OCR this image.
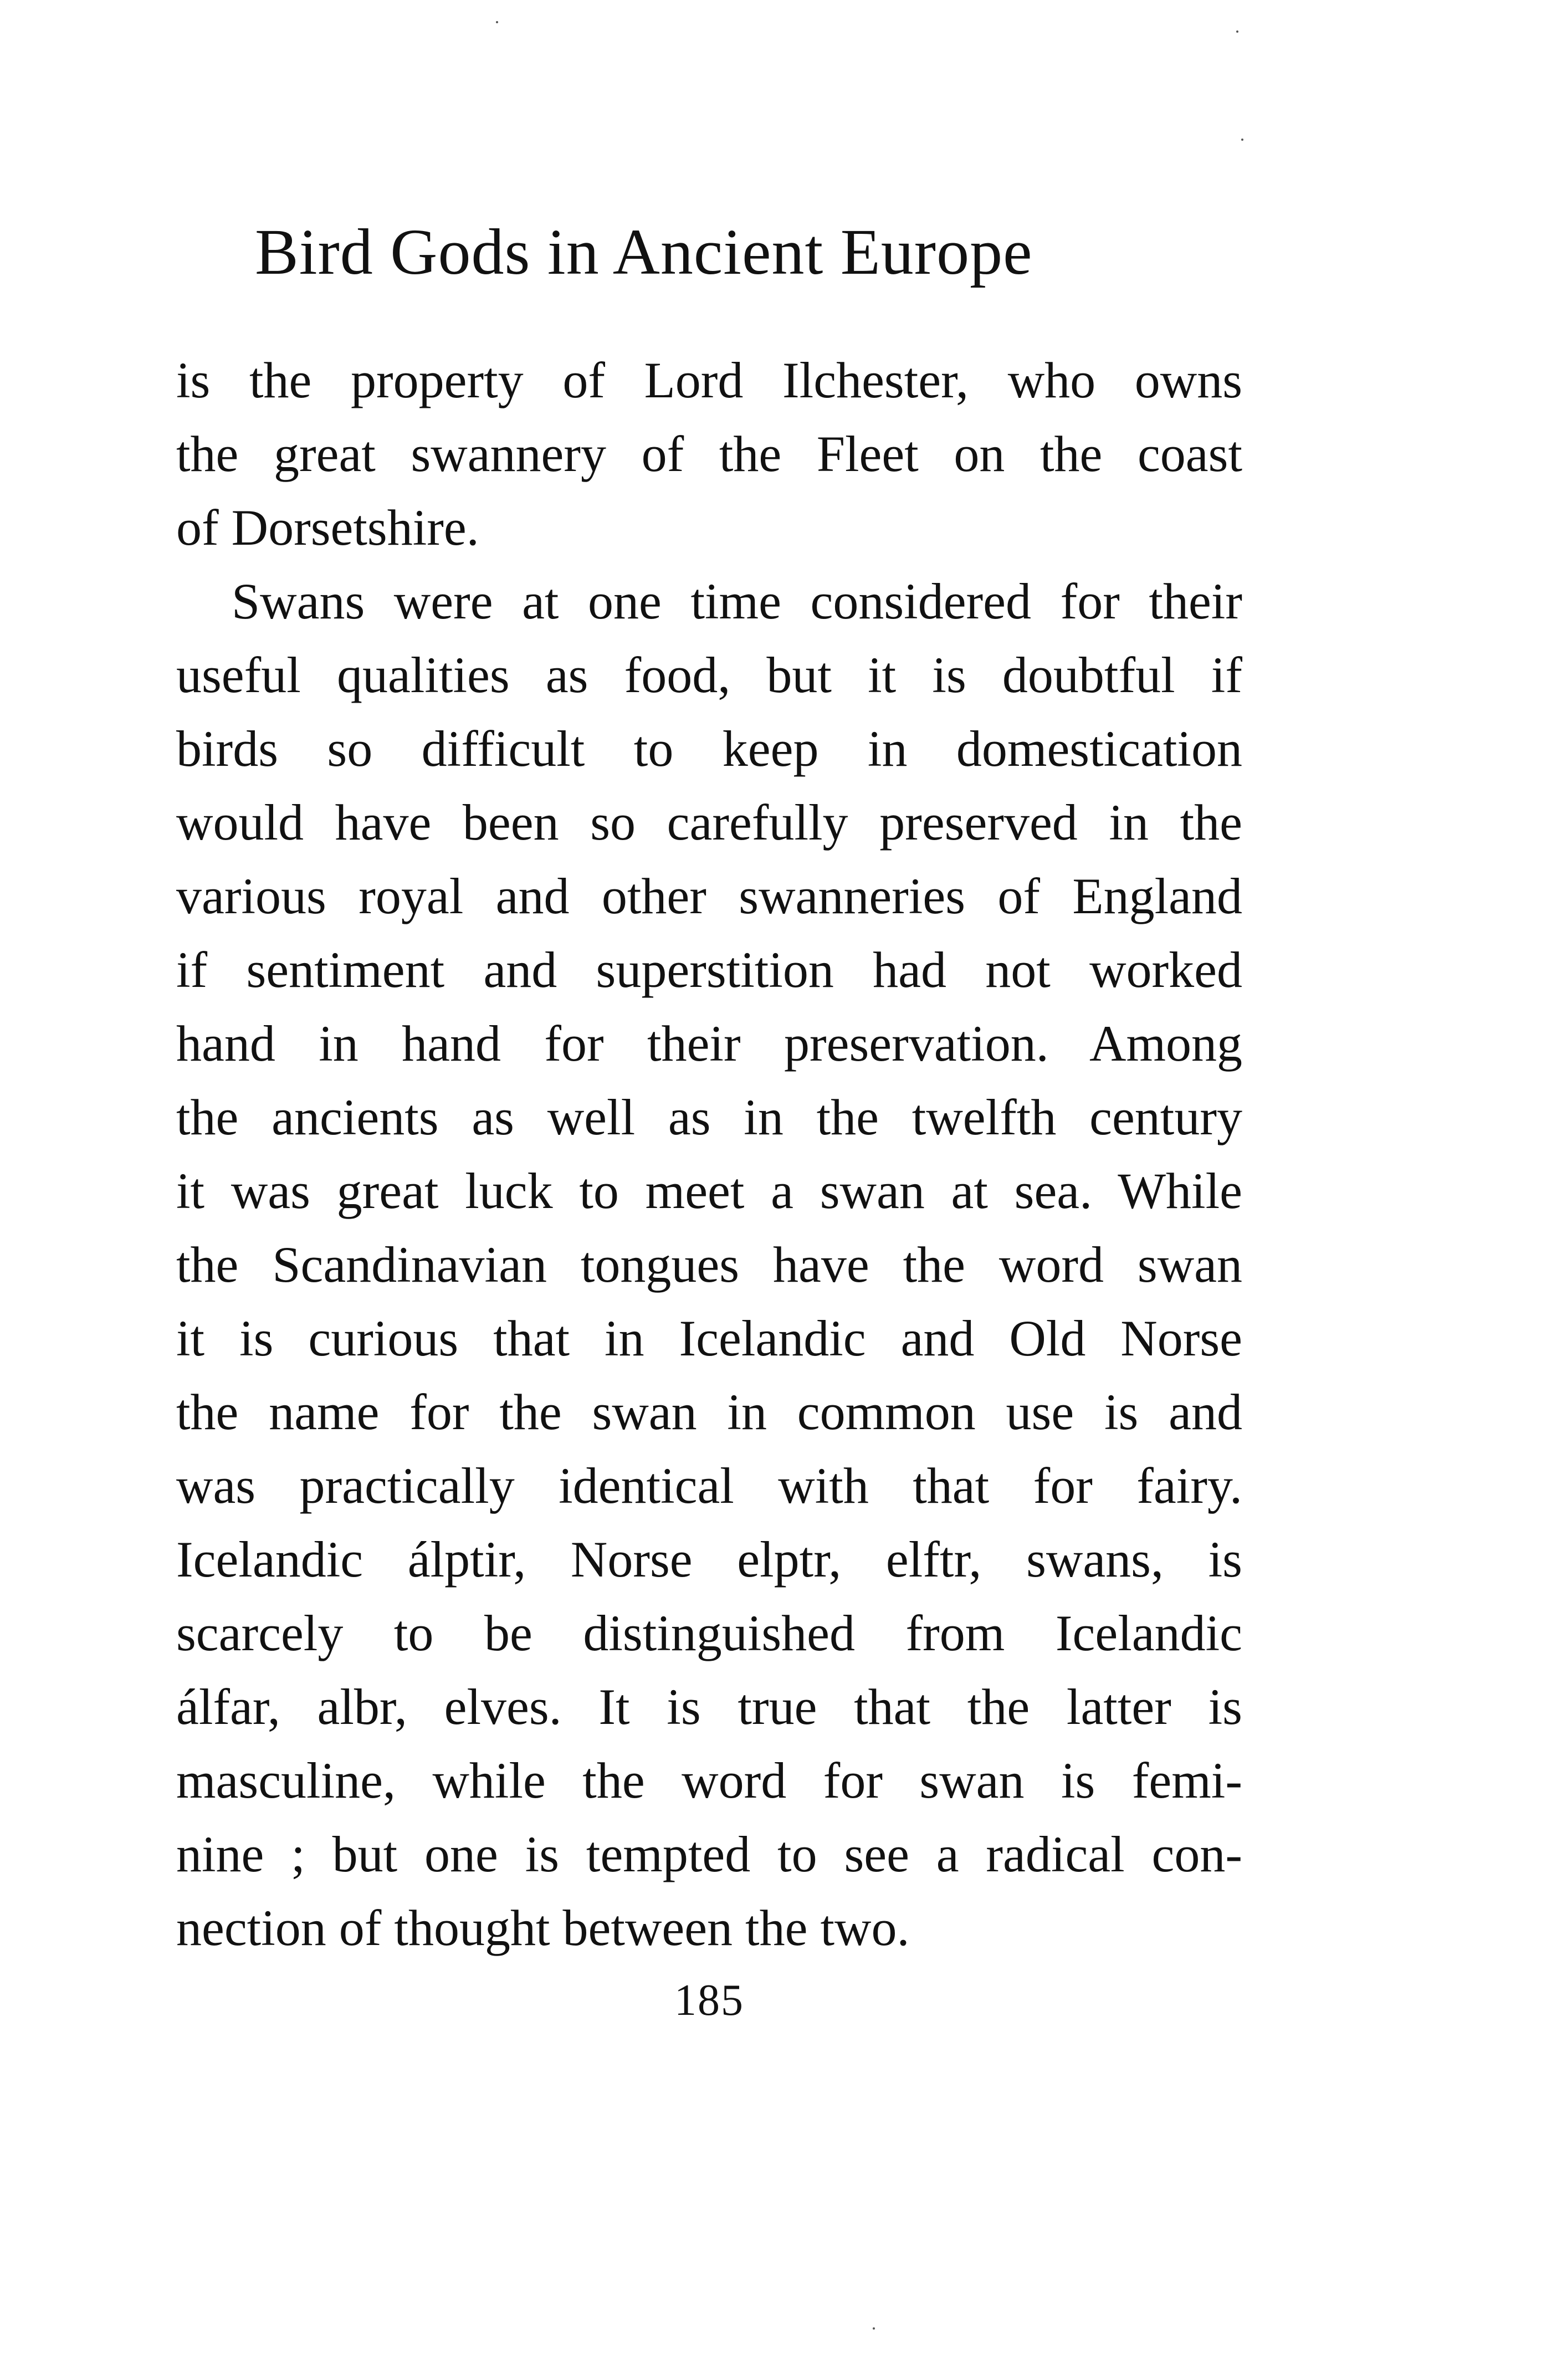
Bird Gods in Ancient Europe
is the property of Lord Ilchester, who owns
the great swannery of the Fleet on the coast
of Dorsetshire.
Swans were at one time considered for their
useful qualities as food, but it is doubtful if
birds so difficult to keep in domestication
would have been so carefully preserved in the
various royal and other swanneries of England
if sentiment and superstition had not worked
hand in hand for their preservation. Among
the ancients as well as in the twelfth century
it was great luck to meet a swan at sea. While
the Scandinavian tongues have the word swan
it is curious that in Icelandic and Old Norse
the name for the swan in common use is and
was practically identical with that for fairy.
Icelandic álptir, Norse elptr, elftr, swans, is
scarcely to be distinguished from Icelandic
álfar, albr, elves. It is true that the latter is
masculine, while the word for swan is femi-
nine ; but one is tempted to see a radical con-
nection of thought between the two.
185
